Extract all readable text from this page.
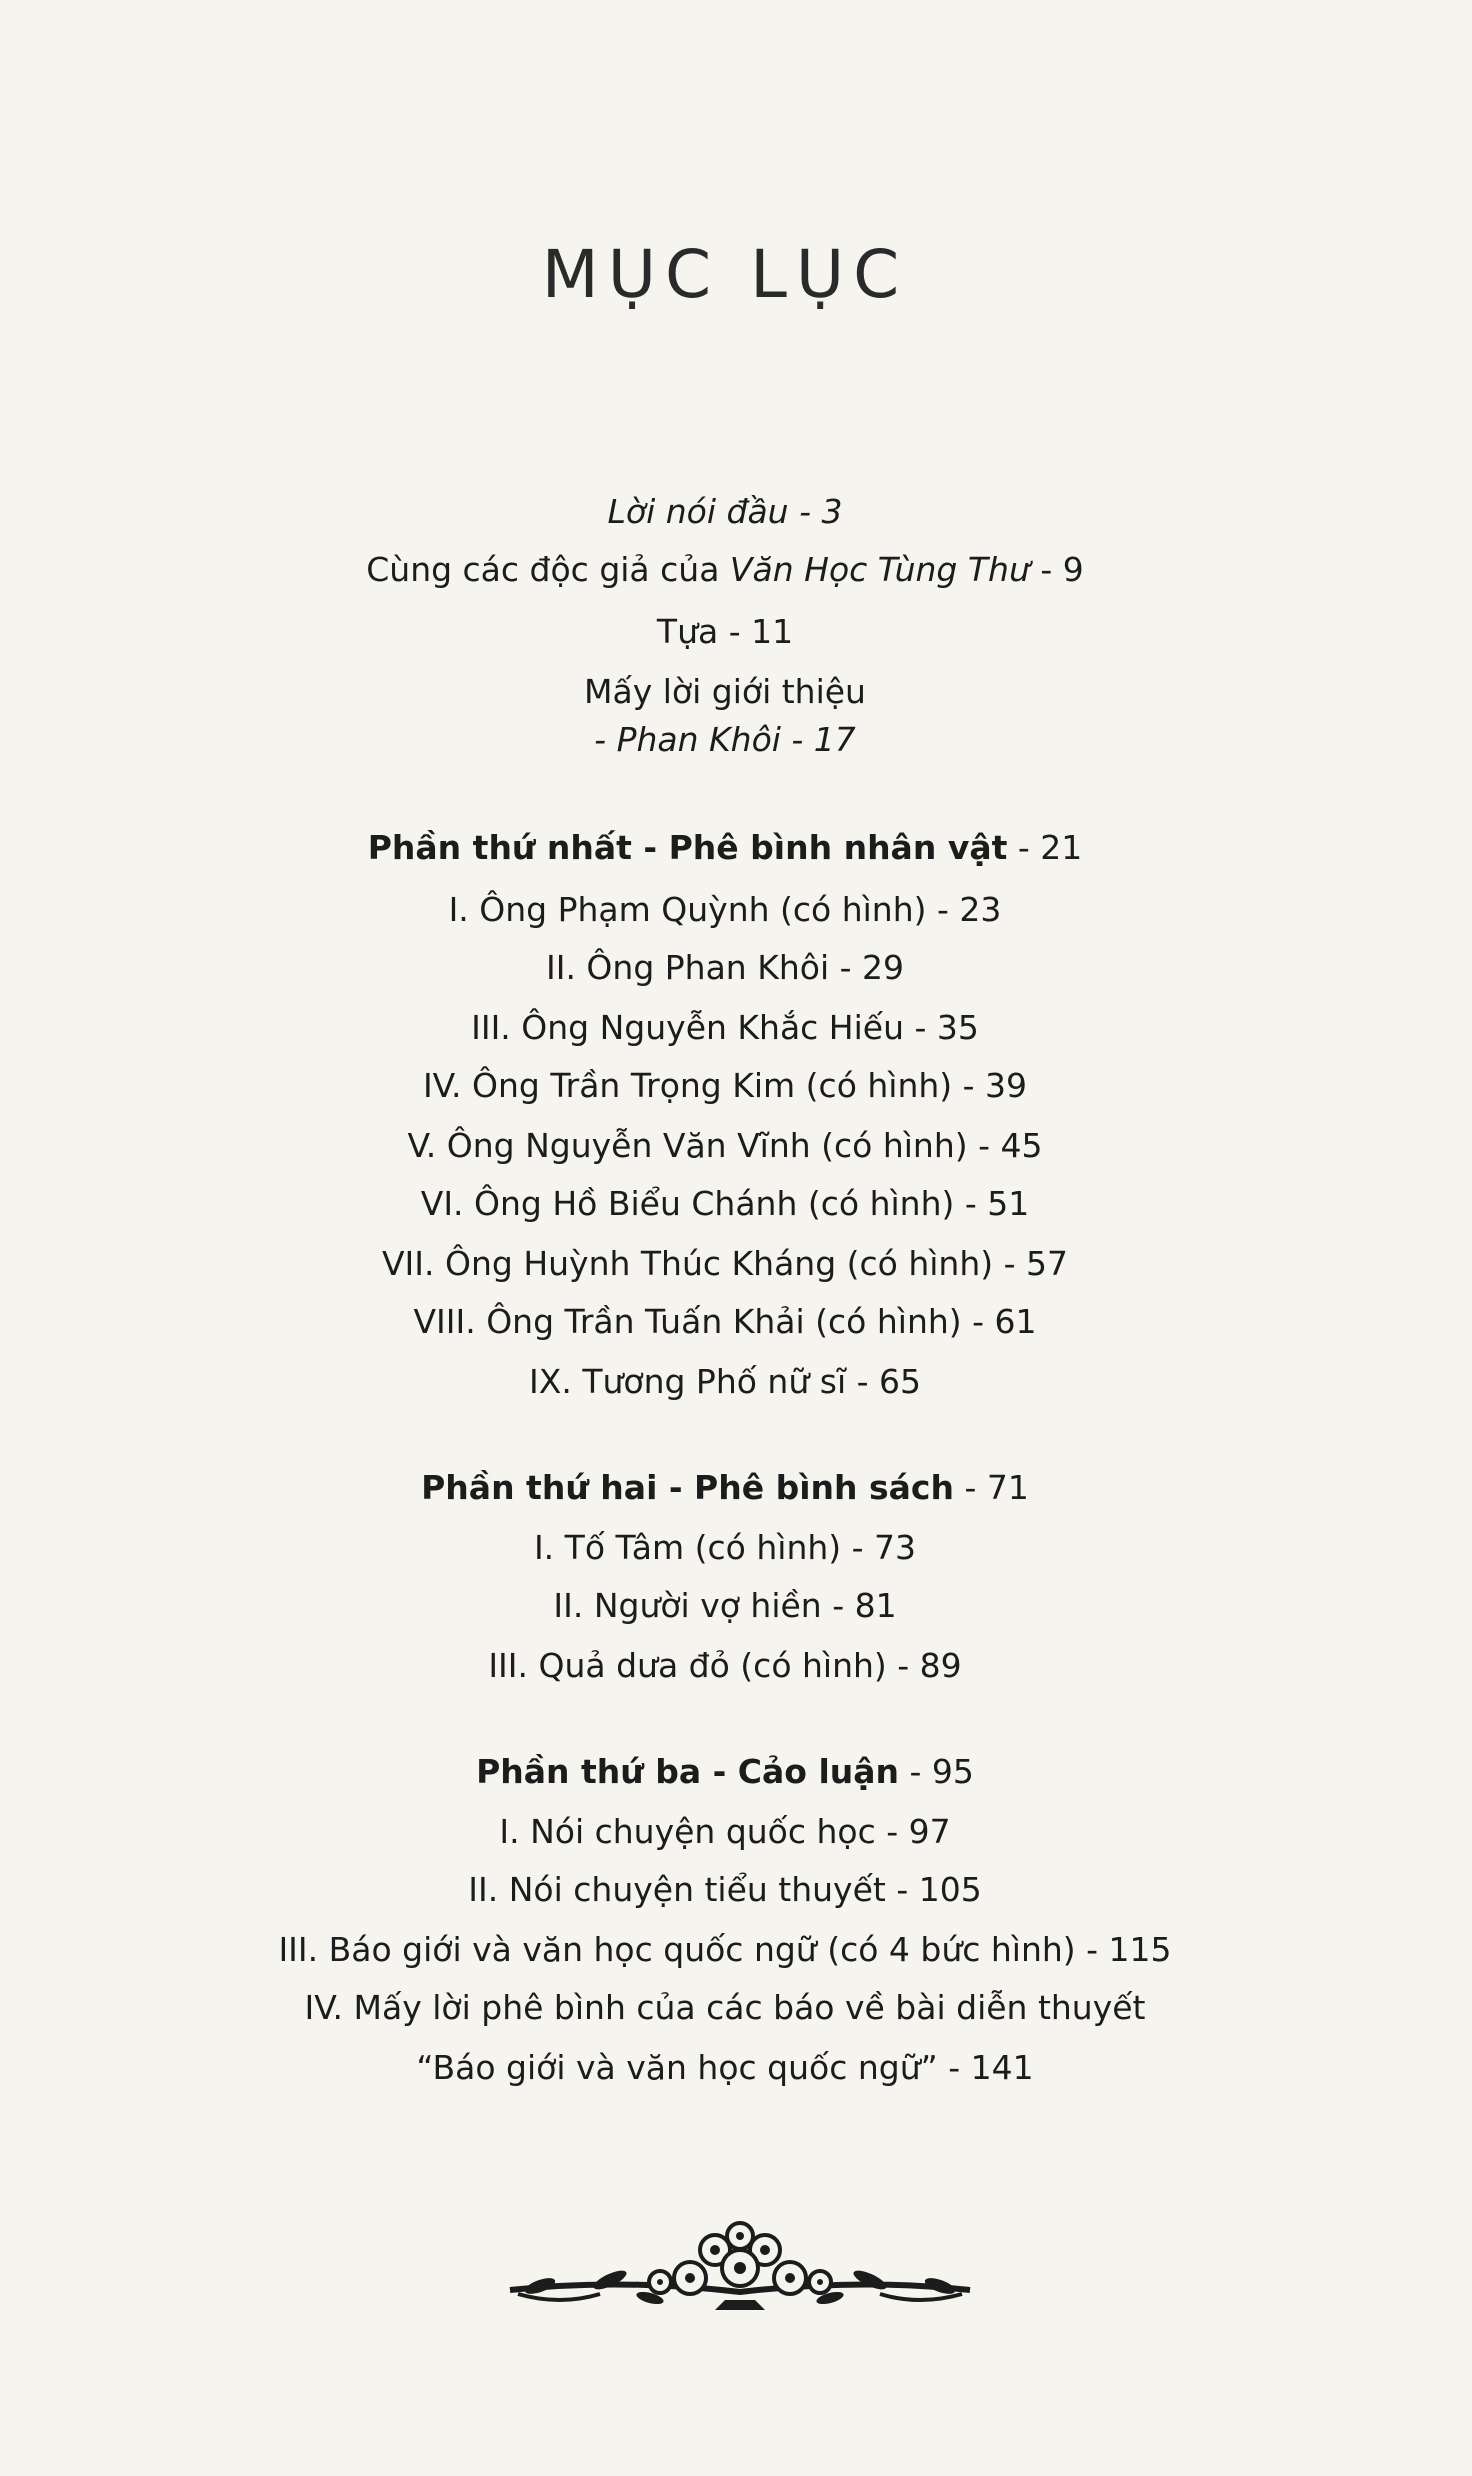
MỤC LỤC
Lời nói đầu - 3
Cùng các độc giả của Văn Học Tùng Thư - 9
Tựa - 11
Mấy lời giới thiệu
- Phan Khôi - 17
Phần thứ nhất - Phê bình nhân vật - 21
I. Ông Phạm Quỳnh (có hình) - 23
II. Ông Phan Khôi - 29
III. Ông Nguyễn Khắc Hiếu - 35
IV. Ông Trần Trọng Kim (có hình) - 39
V. Ông Nguyễn Văn Vĩnh (có hình) - 45
VI. Ông Hồ Biểu Chánh (có hình) - 51
VII. Ông Huỳnh Thúc Kháng (có hình) - 57
VIII. Ông Trần Tuấn Khải (có hình) - 61
IX. Tương Phố nữ sĩ - 65
Phần thứ hai - Phê bình sách - 71
I. Tố Tâm (có hình) - 73
II. Người vợ hiền - 81
III. Quả dưa đỏ (có hình) - 89
Phần thứ ba - Cảo luận - 95
I. Nói chuyện quốc học - 97
II. Nói chuyện tiểu thuyết - 105
III. Báo giới và văn học quốc ngữ (có 4 bức hình) - 115
IV. Mấy lời phê bình của các báo về bài diễn thuyết
“Báo giới và văn học quốc ngữ” - 141
